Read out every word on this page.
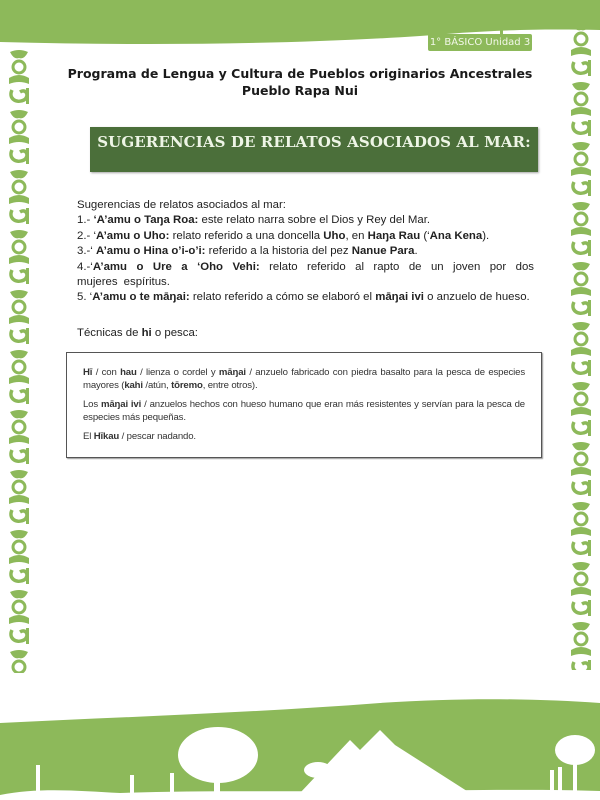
1° BÁSICO Unidad 3
Programa de Lengua y Cultura de Pueblos originarios Ancestrales
Pueblo Rapa Nui
SUGERENCIAS DE RELATOS ASOCIADOS AL MAR:

Sugerencias de relatos asociados al mar:

1.- ‘A’amu o Taŋa Roa: este relato narra sobre el Dios y Rey del Mar.

2.- ‘A’amu o Uho: relato referido a una doncella Uho, en Haŋa Rau (‘Ana Kena).

3.-‘ A’amu o Hina o’i-o’i: referido a la historia del pez Nanue Para.

4.-‘A’amu o Ure a ‘Oho Vehi: relato referido al rapto de un joven por dos mujeres espíritus.

5. ‘A’amu o te māŋai: relato referido a cómo se elaboró el māŋai ivi o anzuelo de hueso.

Técnicas de hi o pesca:

Hī / con hau / lienza o cordel y māŋai / anzuelo fabricado con piedra basalto para la pesca de especies mayores (kahi /atún, tōremo, entre otros).

Los māŋai ivi / anzuelos hechos con hueso humano que eran más resistentes y servían para la pesca de especies más pequeñas.

El Hīkau / pescar nadando.
